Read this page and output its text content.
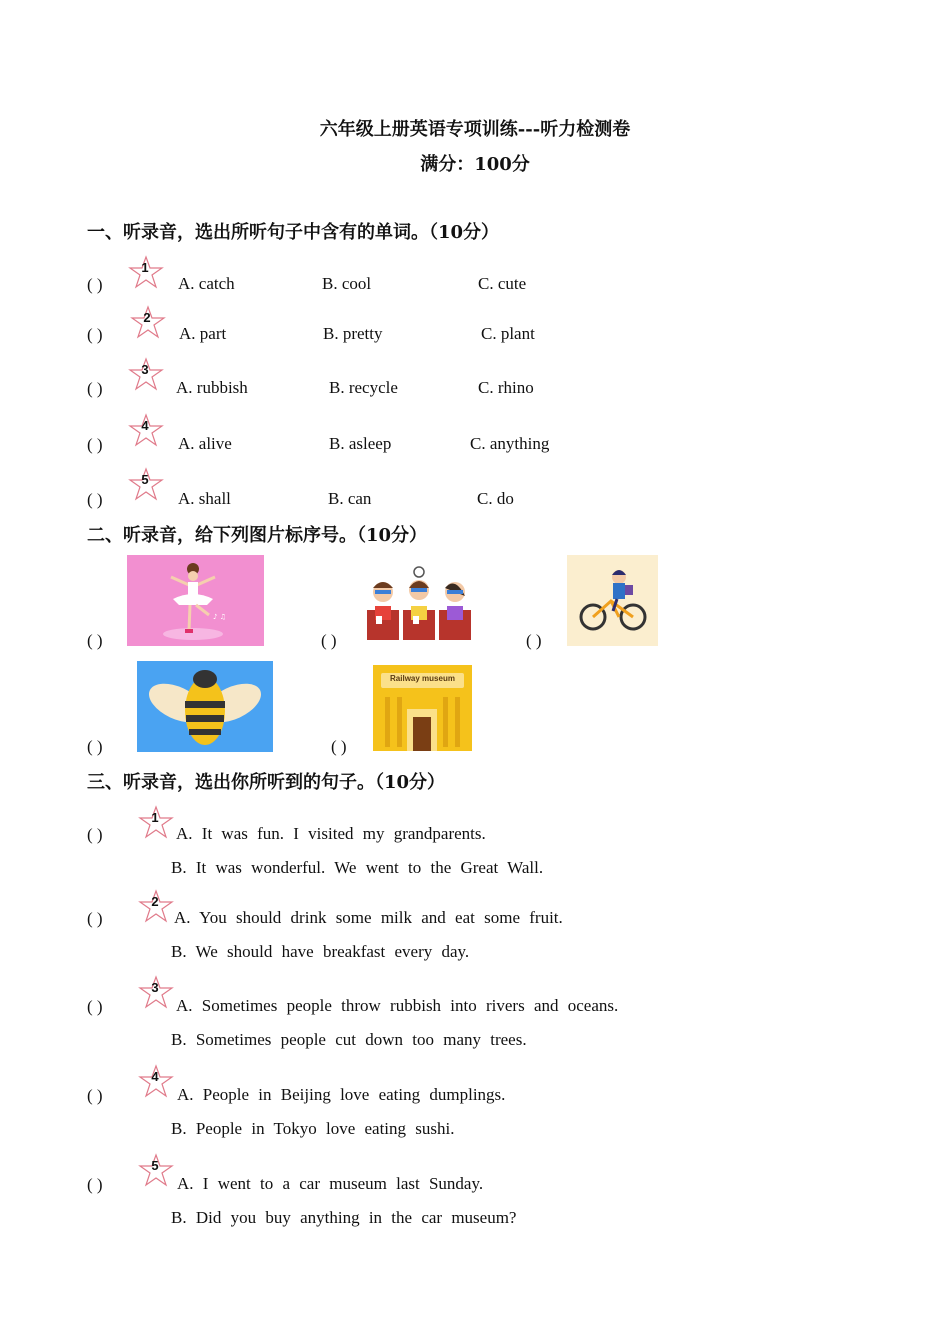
六年级上册英语专项训练---听力检测卷
满分：100分
一、听录音，选出所听句子中含有的单词。（10分）
( )
1
A. catch	B. cool	C. cute
( )
2
A. part	B. pretty	C. plant
( )
3
A. rubbish	B. recycle	C. rhino
( )
4
A. alive	B. asleep	C. anything
( )
5
A. shall	B. can	C. do
二、听录音，给下列图片标序号。（10分）
( )
♪ ♫
( )	( )
( )	( )
Railway museum
三、听录音，选出你所听到的句子。（10分）
( )
1
A. It was fun. I visited my grandparents.
B. It was wonderful. We went to the Great Wall.
( )
2
A. You should drink some milk and eat some fruit.
B. We should have breakfast every day.
( )
3
A. Sometimes people throw rubbish into rivers and oceans.
B. Sometimes people cut down too many trees.
( )
4
A. People in Beijing love eating dumplings.
B. People in Tokyo love eating sushi.
( )
5
A. I went to a car museum last Sunday.
B. Did you buy anything in the car museum?
